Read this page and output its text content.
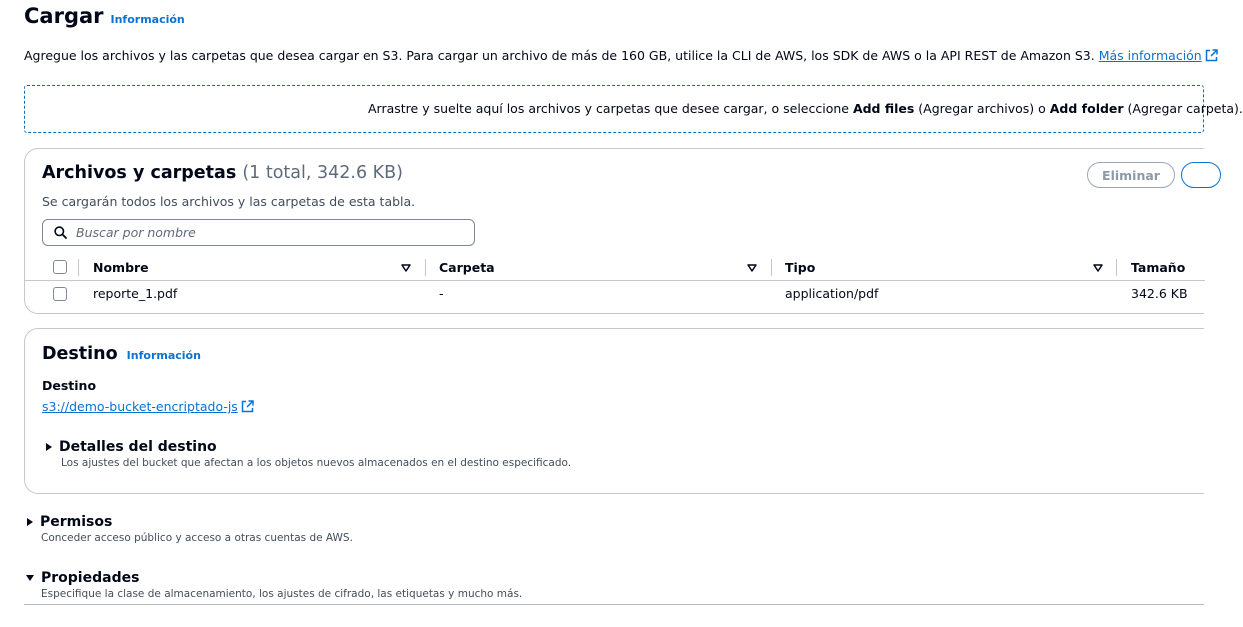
Cargar Información
Agregue los archivos y las carpetas que desea cargar en S3. Para cargar un archivo de más de 160 GB, utilice la CLI de AWS, los SDK de AWS o la API REST de Amazon S3. Más información
Arrastre y suelte aquí los archivos y carpetas que desee cargar, o seleccione Add files (Agregar archivos) o Add folder (Agregar carpeta).
Archivos y carpetas (1 total, 342.6 KB)
Se cargarán todos los archivos y las carpetas de esta tabla.
Eliminar
Buscar por nombre
Nombre	Carpeta	Tipo	Tamaño
reporte_1.pdf	-	application/pdf	342.6 KB
Destino Información
Destino
s3://demo-bucket-encriptado-js
Detalles del destino
Los ajustes del bucket que afectan a los objetos nuevos almacenados en el destino especificado.
Permisos
Conceder acceso público y acceso a otras cuentas de AWS.
Propiedades
Especifique la clase de almacenamiento, los ajustes de cifrado, las etiquetas y mucho más.
